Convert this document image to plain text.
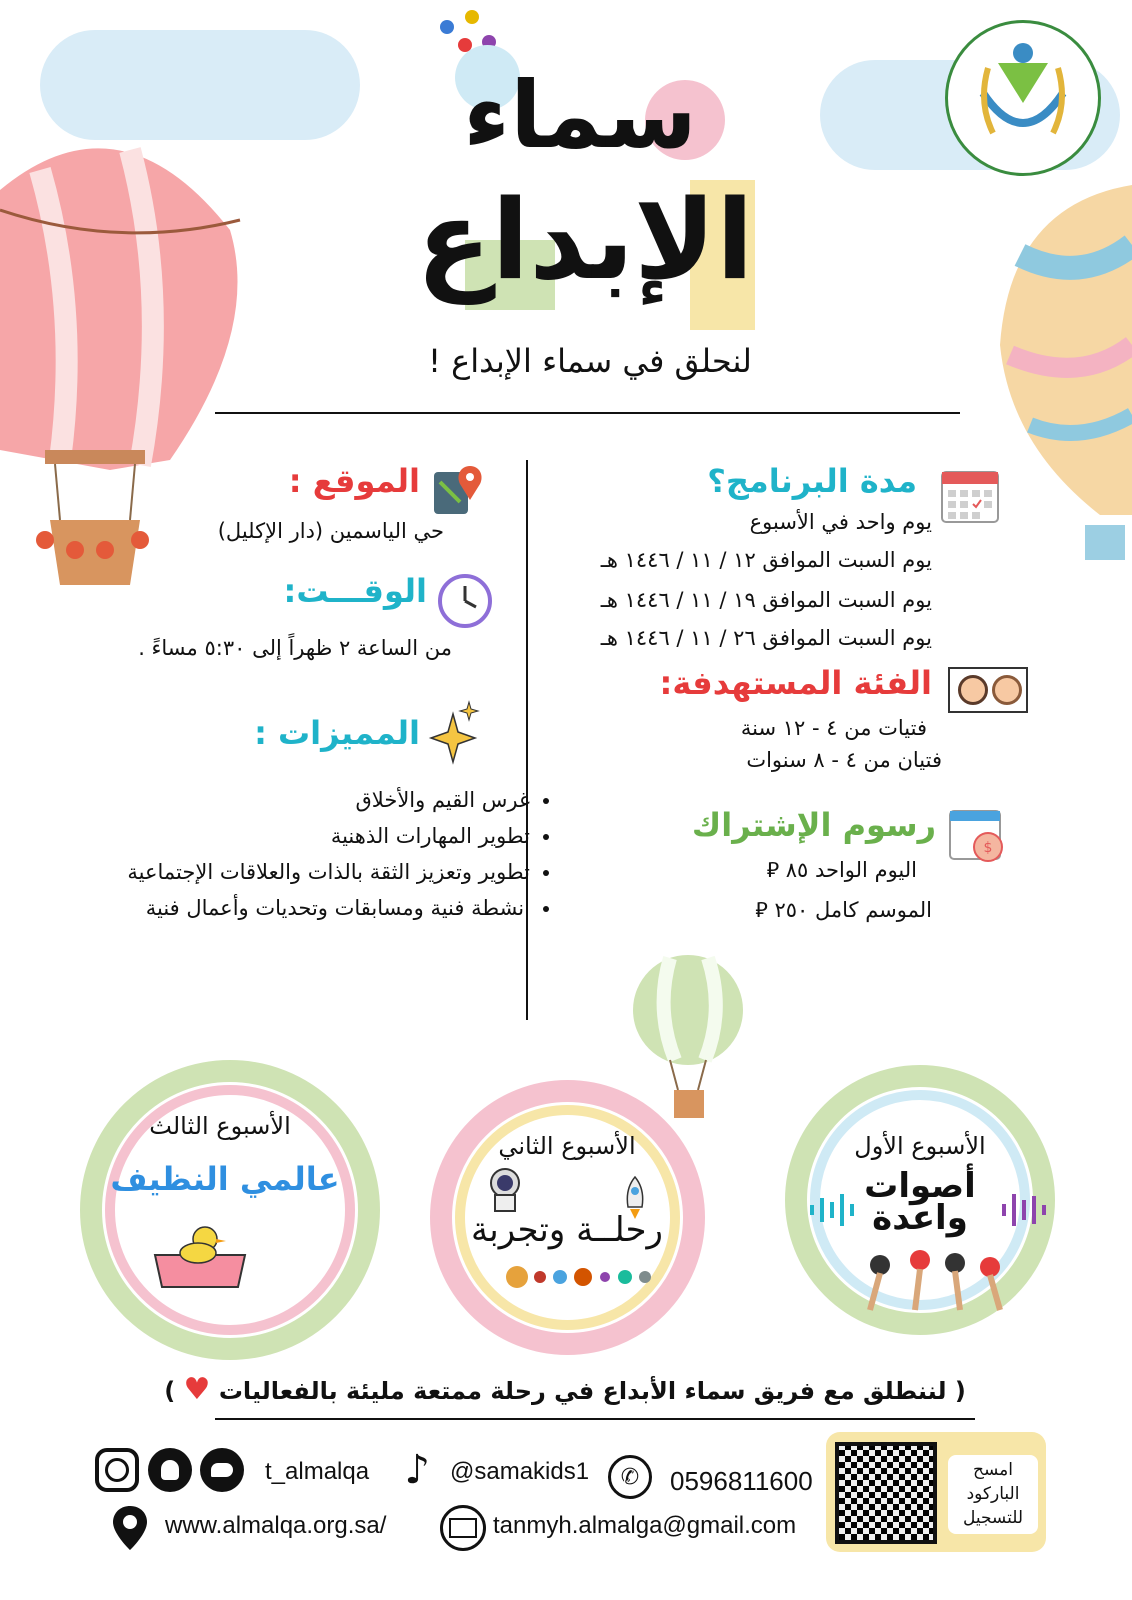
سماء
الإبداع
لنحلق في سماء الإبداع !
مدة البرنامج؟
يوم واحد في الأسبوع
يوم السبت الموافق ١٢ / ١١ / ١٤٤٦ هـ
يوم السبت الموافق ١٩ / ١١ / ١٤٤٦ هـ
يوم السبت الموافق ٢٦ / ١١ / ١٤٤٦ هـ
الفئة المستهدفة:
فتيات من ٤ - ١٢ سنة
فتيان من ٤ - ٨ سنوات
$
رسوم الإشتراك
اليوم الواحد ٨٥ ⃁
الموسم كامل ٢٥٠ ⃁
الموقع :
حي الياسمين (دار الإكليل)
الوقـــت:
من الساعة ٢ ظهراً إلى ٥:٣٠ مساءً .
المميزات :
• غرس القيم والأخلاق
• تطوير المهارات الذهنية
• تطوير وتعزيز الثقة بالذات والعلاقات الإجتماعية
• انشطة فنية ومسابقات وتحديات وأعمال فنية
الأسبوع الأول
أصوات واعدة
الأسبوع الثاني
رحلــة وتجربة
الأسبوع الثالث
عالمي النظيف
( لننطلق مع فريق سماء الأبداع في رحلة ممتعة مليئة بالفعاليات ♥ )
امسح الباركود للتسجيل
t_almalqa ♪ @samakids1	✆	0596811600
www.almalqa.org.sa/	tanmyh.almalga@gmail.com
